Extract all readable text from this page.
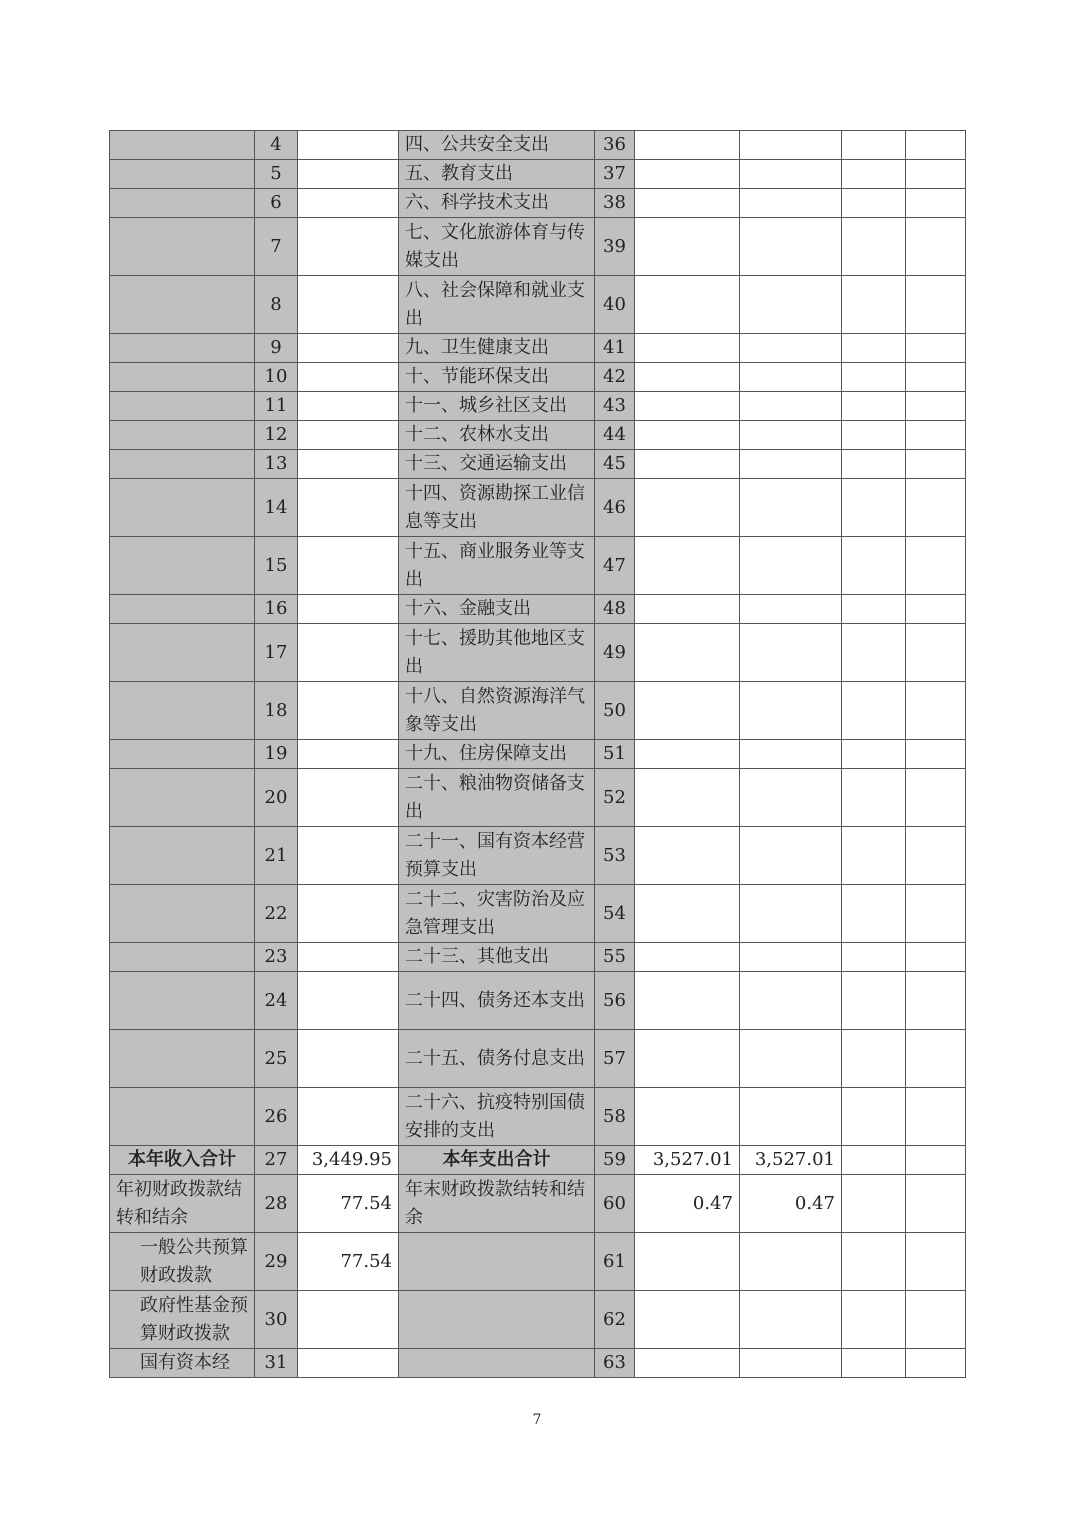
	4		四、公共安全支出	36				
	5		五、教育支出	37				
	6		六、科学技术支出	38				
	7		七、文化旅游体育与传媒支出	39				
	8		八、社会保障和就业支出	40				
	9		九、卫生健康支出	41				
	10		十、节能环保支出	42				
	11		十一、城乡社区支出	43				
	12		十二、农林水支出	44				
	13		十三、交通运输支出	45				
	14		十四、资源勘探工业信息等支出	46				
	15		十五、商业服务业等支出	47				
	16		十六、金融支出	48				
	17		十七、援助其他地区支出	49				
	18		十八、自然资源海洋气象等支出	50				
	19		十九、住房保障支出	51				
	20		二十、粮油物资储备支出	52				
	21		二十一、国有资本经营预算支出	53				
	22		二十二、灾害防治及应急管理支出	54				
	23		二十三、其他支出	55				
	24		二十四、债务还本支出	56				
	25		二十五、债务付息支出	57				
	26		二十六、抗疫特别国债安排的支出	58				
本年收入合计	27	3,449.95	本年支出合计	59	3,527.01	3,527.01		
年初财政拨款结转和结余	28	77.54	年末财政拨款结转和结余	60	0.47	0.47		
一般公共预算财政拨款	29	77.54		61				
政府性基金预算财政拨款	30			62				
国有资本经	31			63				
7
